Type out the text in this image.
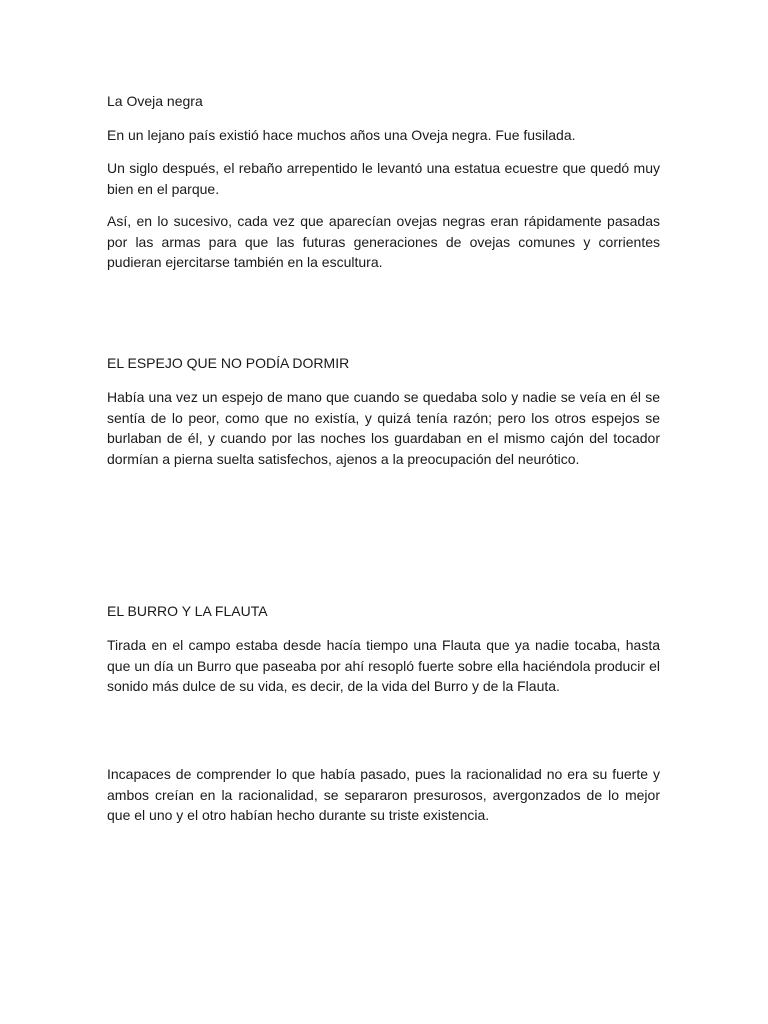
La Oveja negra

En un lejano país existió hace muchos años una Oveja negra. Fue fusilada.

Un siglo después, el rebaño arrepentido le levantó una estatua ecuestre que quedó muy bien en el parque.

Así, en lo sucesivo, cada vez que aparecían ovejas negras eran rápidamente pasadas por las armas para que las futuras generaciones de ovejas comunes y corrientes pudieran ejercitarse también en la escultura.

EL ESPEJO QUE NO PODÍA DORMIR

Había una vez un espejo de mano que cuando se quedaba solo y nadie se veía en él se sentía de lo peor, como que no existía, y quizá tenía razón; pero los otros espejos se burlaban de él, y cuando por las noches los guardaban en el mismo cajón del tocador dormían a pierna suelta satisfechos, ajenos a la preocupación del neurótico.

EL BURRO Y LA FLAUTA

Tirada en el campo estaba desde hacía tiempo una Flauta que ya nadie tocaba, hasta que un día un Burro que paseaba por ahí resopló fuerte sobre ella haciéndola producir el sonido más dulce de su vida, es decir, de la vida del Burro y de la Flauta.

Incapaces de comprender lo que había pasado, pues la racionalidad no era su fuerte y ambos creían en la racionalidad, se separaron presurosos, avergonzados de lo mejor que el uno y el otro habían hecho durante su triste existencia.
